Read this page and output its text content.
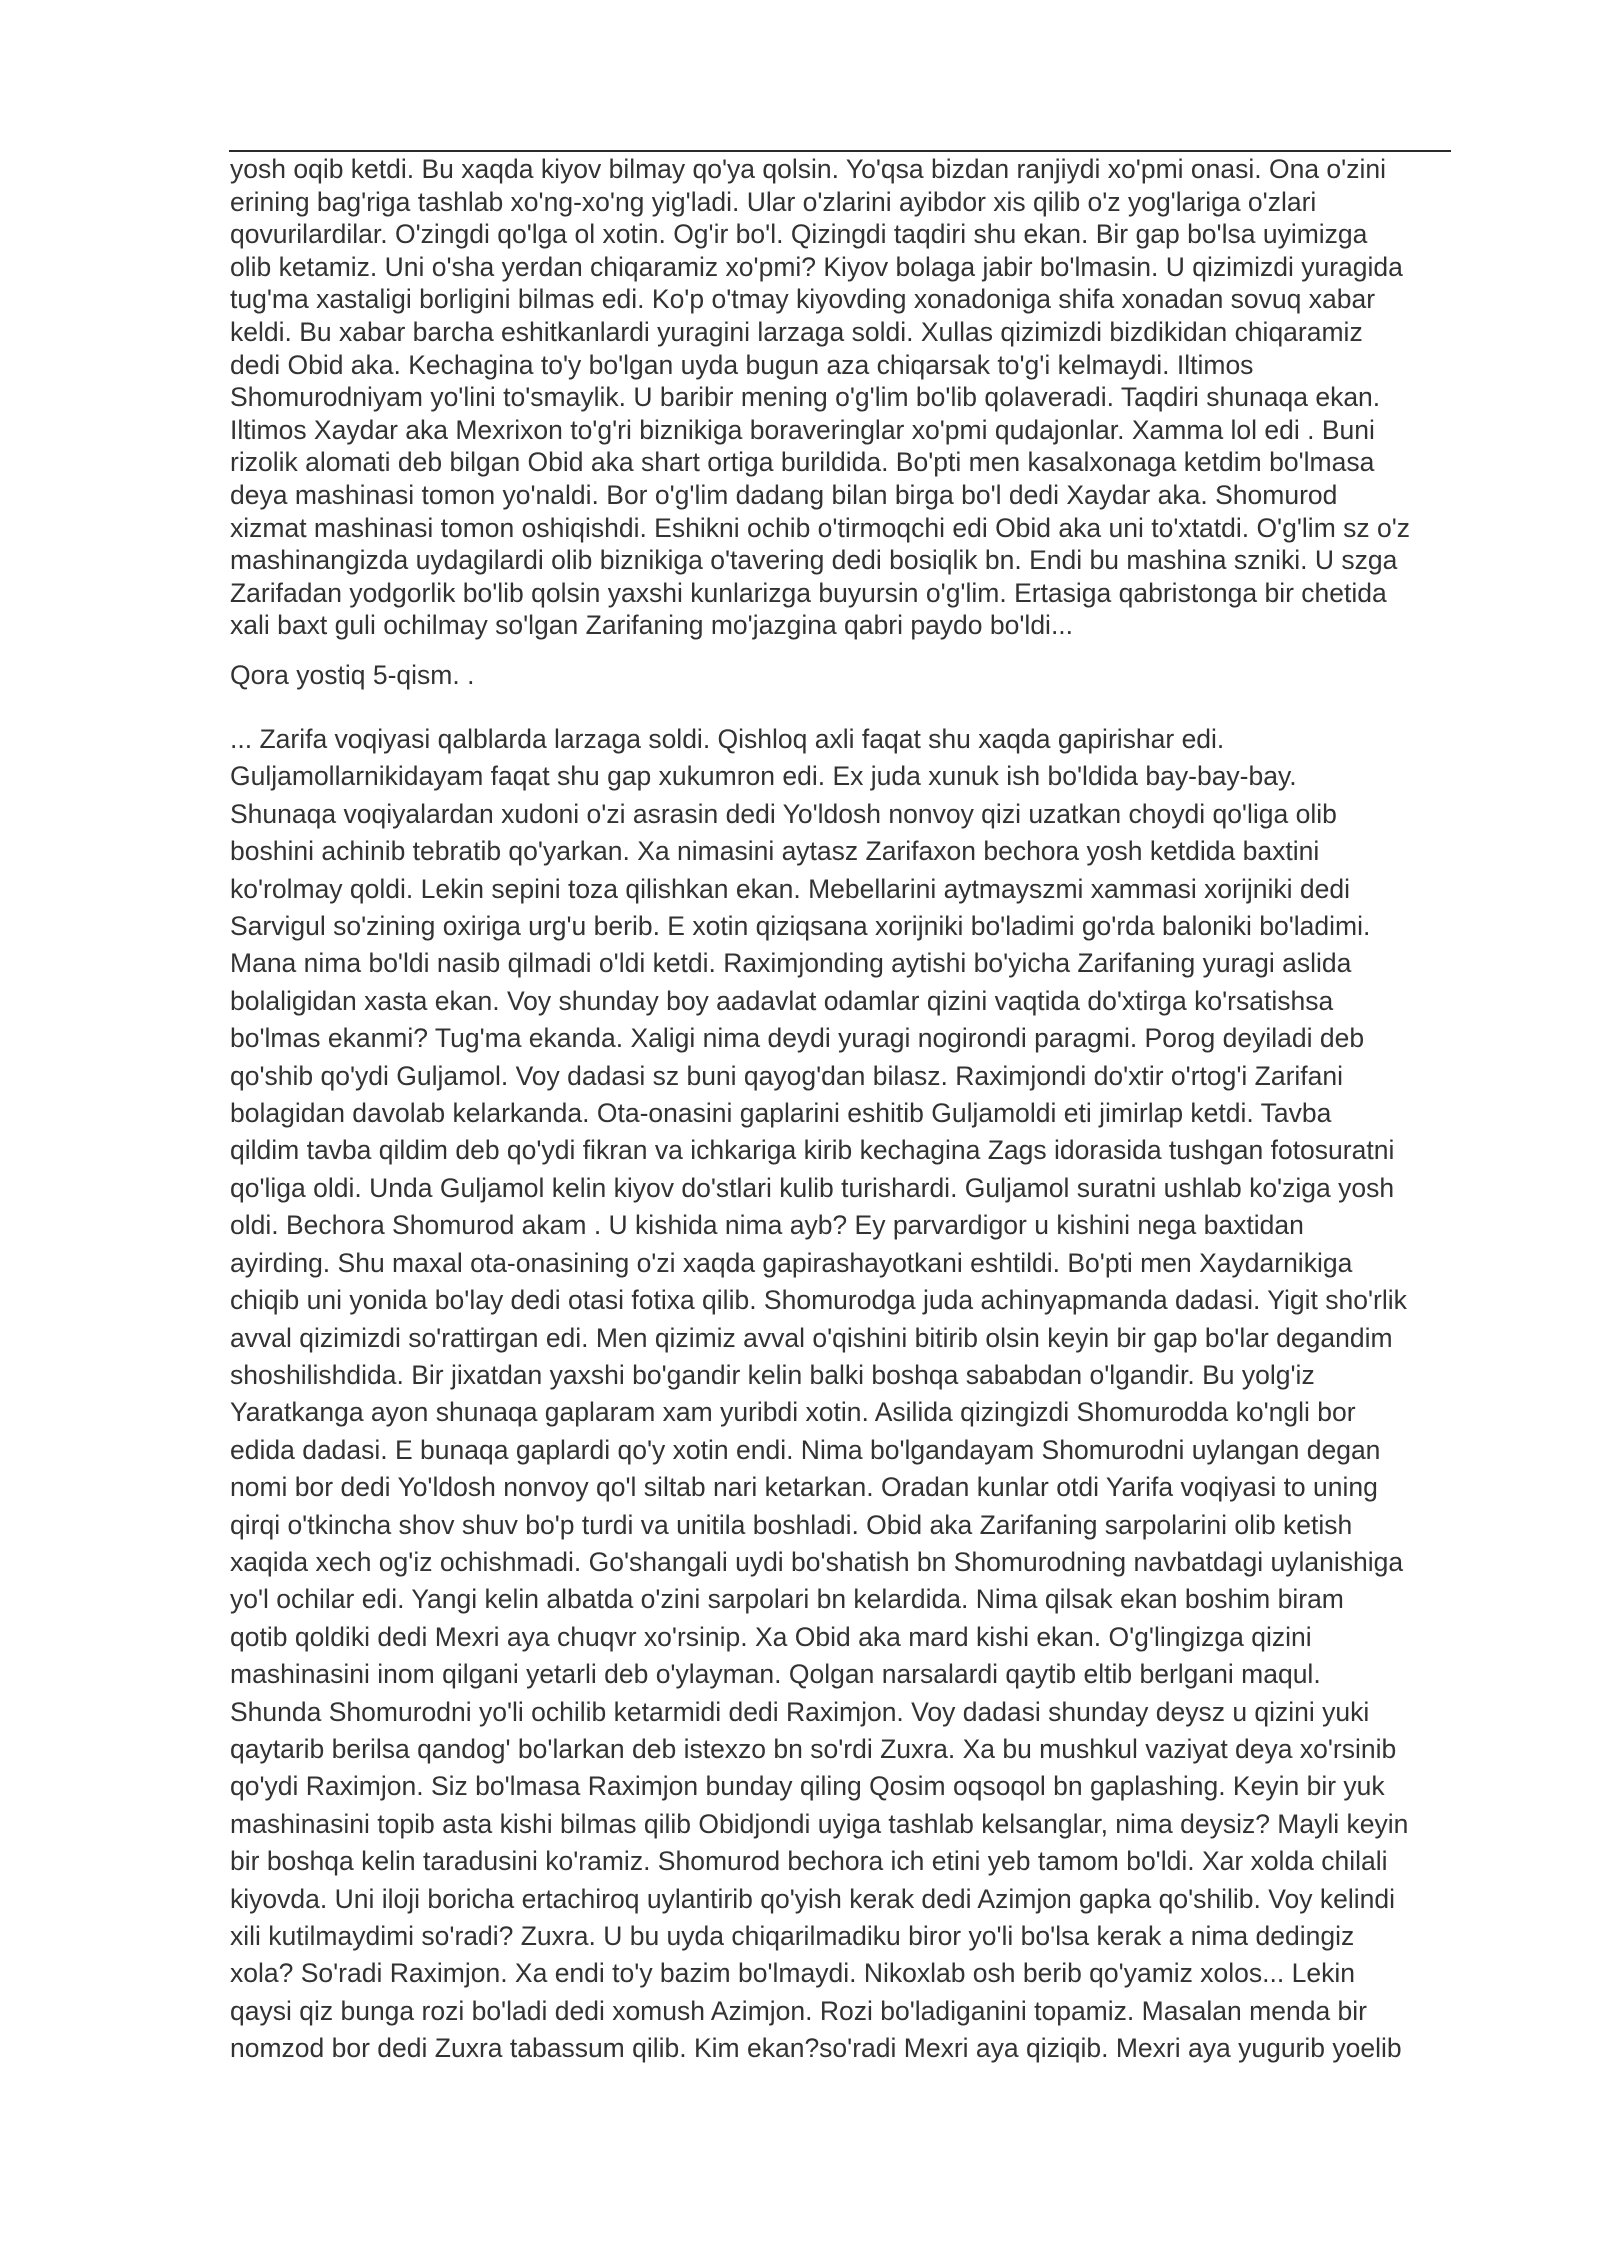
yosh oqib ketdi. Bu xaqda kiyov bilmay qo'ya qolsin. Yo'qsa bizdan ranjiydi xo'pmi onasi. Ona o'zini
erining bag'riga tashlab xo'ng-xo'ng yig'ladi. Ular o'zlarini ayibdor xis qilib o'z yog'lariga o'zlari
qovurilardilar. O'zingdi qo'lga ol xotin. Og'ir bo'l. Qizingdi taqdiri shu ekan. Bir gap bo'lsa uyimizga
olib ketamiz. Uni o'sha yerdan chiqaramiz xo'pmi? Kiyov bolaga jabir bo'lmasin. U qizimizdi yuragida
tug'ma xastaligi borligini bilmas edi. Ko'p o'tmay kiyovding xonadoniga shifa xonadan sovuq xabar
keldi. Bu xabar barcha eshitkanlardi yuragini larzaga soldi. Xullas qizimizdi bizdikidan chiqaramiz
dedi Obid aka. Kechagina to'y bo'lgan uyda bugun aza chiqarsak to'g'i kelmaydi. Iltimos
Shomurodniyam yo'lini to'smaylik. U baribir mening o'g'lim bo'lib qolaveradi. Taqdiri shunaqa ekan.
Iltimos Xaydar aka Mexrixon to'g'ri biznikiga boraveringlar xo'pmi qudajonlar. Xamma lol edi . Buni
rizolik alomati deb bilgan Obid aka shart ortiga burildida. Bo'pti men kasalxonaga ketdim bo'lmasa
deya mashinasi tomon yo'naldi. Bor o'g'lim dadang bilan birga bo'l dedi Xaydar aka. Shomurod
xizmat mashinasi tomon oshiqishdi. Eshikni ochib o'tirmoqchi edi Obid aka uni to'xtatdi. O'g'lim sz o'z
mashinangizda uydagilardi olib biznikiga o'tavering dedi bosiqlik bn. Endi bu mashina szniki. U szga
Zarifadan yodgorlik bo'lib qolsin yaxshi kunlarizga buyursin o'g'lim. Ertasiga qabristonga bir chetida
xali baxt guli ochilmay so'lgan Zarifaning mo'jazgina qabri paydo bo'ldi...
Qora yostiq 5-qism. .
... Zarifa voqiyasi qalblarda larzaga soldi. Qishloq axli faqat shu xaqda gapirishar edi.
Guljamollarnikidayam faqat shu gap xukumron edi. Ex juda xunuk ish bo'ldida bay-bay-bay.
Shunaqa voqiyalardan xudoni o'zi asrasin dedi Yo'ldosh nonvoy qizi uzatkan choydi qo'liga olib
boshini achinib tebratib qo'yarkan. Xa nimasini aytasz Zarifaxon bechora yosh ketdida baxtini
ko'rolmay qoldi. Lekin sepini toza qilishkan ekan. Mebellarini aytmayszmi xammasi xorijniki dedi
Sarvigul so'zining oxiriga urg'u berib. E xotin qiziqsana xorijniki bo'ladimi go'rda baloniki bo'ladimi.
Mana nima bo'ldi nasib qilmadi o'ldi ketdi. Raximjonding aytishi bo'yicha Zarifaning yuragi aslida
bolaligidan xasta ekan. Voy shunday boy aadavlat odamlar qizini vaqtida do'xtirga ko'rsatishsa
bo'lmas ekanmi? Tug'ma ekanda. Xaligi nima deydi yuragi nogirondi paragmi. Porog deyiladi deb
qo'shib qo'ydi Guljamol. Voy dadasi sz buni qayog'dan bilasz. Raximjondi do'xtir o'rtog'i Zarifani
bolagidan davolab kelarkanda. Ota-onasini gaplarini eshitib Guljamoldi eti jimirlap ketdi. Tavba
qildim tavba qildim deb qo'ydi fikran va ichkariga kirib kechagina Zags idorasida tushgan fotosuratni
qo'liga oldi. Unda Guljamol kelin kiyov do'stlari kulib turishardi. Guljamol suratni ushlab ko'ziga yosh
oldi. Bechora Shomurod akam . U kishida nima ayb? Ey parvardigor u kishini nega baxtidan
ayirding. Shu maxal ota-onasining o'zi xaqda gapirashayotkani eshtildi. Bo'pti men Xaydarnikiga
chiqib uni yonida bo'lay dedi otasi fotixa qilib. Shomurodga juda achinyapmanda dadasi. Yigit sho'rlik
avval qizimizdi so'rattirgan edi. Men qizimiz avval o'qishini bitirib olsin keyin bir gap bo'lar degandim
shoshilishdida. Bir jixatdan yaxshi bo'gandir kelin balki boshqa sababdan o'lgandir. Bu yolg'iz
Yaratkanga ayon shunaqa gaplaram xam yuribdi xotin. Asilida qizingizdi Shomurodda ko'ngli bor
edida dadasi. E bunaqa gaplardi qo'y xotin endi. Nima bo'lgandayam Shomurodni uylangan degan
nomi bor dedi Yo'ldosh nonvoy qo'l siltab nari ketarkan. Oradan kunlar otdi Yarifa voqiyasi to uning
qirqi o'tkincha shov shuv bo'p turdi va unitila boshladi. Obid aka Zarifaning sarpolarini olib ketish
xaqida xech og'iz ochishmadi. Go'shangali uydi bo'shatish bn Shomurodning navbatdagi uylanishiga
yo'l ochilar edi. Yangi kelin albatda o'zini sarpolari bn kelardida. Nima qilsak ekan boshim biram
qotib qoldiki dedi Mexri aya chuqvr xo'rsinip. Xa Obid aka mard kishi ekan. O'g'lingizga qizini
mashinasini inom qilgani yetarli deb o'ylayman. Qolgan narsalardi qaytib eltib berlgani maqul.
Shunda Shomurodni yo'li ochilib ketarmidi dedi Raximjon. Voy dadasi shunday deysz u qizini yuki
qaytarib berilsa qandog' bo'larkan deb istexzo bn so'rdi Zuxra. Xa bu mushkul vaziyat deya xo'rsinib
qo'ydi Raximjon. Siz bo'lmasa Raximjon bunday qiling Qosim oqsoqol bn gaplashing. Keyin bir yuk
mashinasini topib asta kishi bilmas qilib Obidjondi uyiga tashlab kelsanglar, nima deysiz? Mayli keyin
bir boshqa kelin taradusini ko'ramiz. Shomurod bechora ich etini yeb tamom bo'ldi. Xar xolda chilali
kiyovda. Uni iloji boricha ertachiroq uylantirib qo'yish kerak dedi Azimjon gapka qo'shilib. Voy kelindi
xili kutilmaydimi so'radi? Zuxra. U bu uyda chiqarilmadiku biror yo'li bo'lsa kerak a nima dedingiz
xola? So'radi Raximjon. Xa endi to'y bazim bo'lmaydi. Nikoxlab osh berib qo'yamiz xolos... Lekin
qaysi qiz bunga rozi bo'ladi dedi xomush Azimjon. Rozi bo'ladiganini topamiz. Masalan menda bir
nomzod bor dedi Zuxra tabassum qilib. Kim ekan?so'radi Mexri aya qiziqib. Mexri aya yugurib yoelib
